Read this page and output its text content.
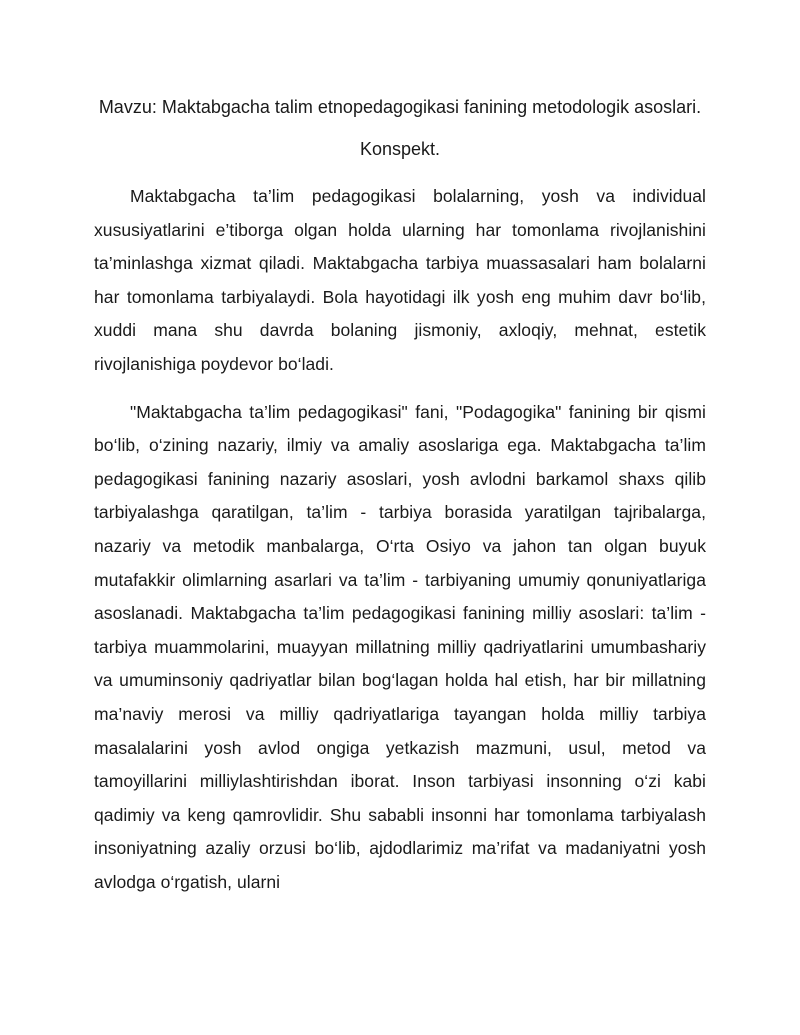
Mavzu: Maktabgacha talim etnopedagogikasi fanining metodologik asoslari.
Konspekt.

Maktabgacha ta’lim pedagogikasi bolalarning, yosh va individual xususiyatlarini e’tiborga olgan holda ularning har tomonlama rivojlanishini ta’minlashga xizmat qiladi. Maktabgacha tarbiya muassasalari ham bolalarni har tomonlama tarbiyalaydi. Bola hayotidagi ilk yosh eng muhim davr bo‘lib, xuddi mana shu davrda bolaning jismoniy, axloqiy, mehnat, estetik rivojlanishiga poydevor bo‘ladi.

"Maktabgacha ta’lim pedagogikasi" fani, "Podagogika" fanining bir qismi bo‘lib, o‘zining nazariy, ilmiy va amaliy asoslariga ega. Maktabgacha ta’lim pedagogikasi fanining nazariy asoslari, yosh avlodni barkamol shaxs qilib tarbiyalashga qaratilgan, ta’lim - tarbiya borasida yaratilgan tajribalarga, nazariy va metodik manbalarga, O‘rta Osiyo va jahon tan olgan buyuk mutafakkir olimlarning asarlari va ta’lim - tarbiyaning umumiy qonuniyatlariga asoslanadi. Maktabgacha ta’lim pedagogikasi fanining milliy asoslari: ta’lim - tarbiya muammolarini, muayyan millatning milliy qadriyatlarini umumbashariy va umuminsoniy qadriyatlar bilan bog‘lagan holda hal etish, har bir millatning ma’naviy merosi va milliy qadriyatlariga tayangan holda milliy tarbiya masalalarini yosh avlod ongiga yetkazish mazmuni, usul, metod va tamoyillarini milliylashtirishdan iborat. Inson tarbiyasi insonning o‘zi kabi qadimiy va keng qamrovlidir. Shu sababli insonni har tomonlama tarbiyalash insoniyatning azaliy orzusi bo‘lib, ajdodlarimiz ma’rifat va madaniyatni yosh avlodga o‘rgatish, ularni
